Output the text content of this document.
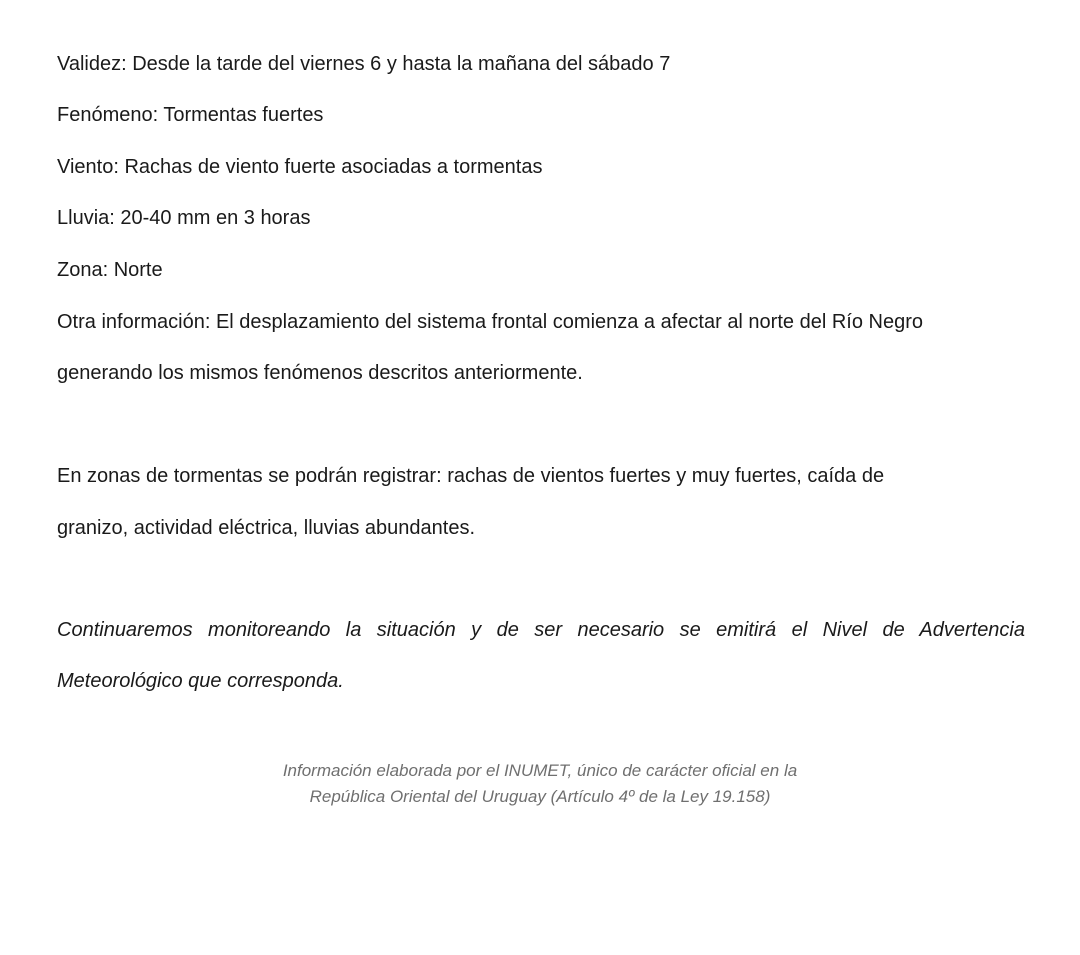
Validez: Desde la tarde del viernes 6 y hasta la mañana del sábado 7

Fenómeno: Tormentas fuertes

Viento: Rachas de viento fuerte asociadas a tormentas

Lluvia: 20-40 mm en 3 horas

Zona: Norte

Otra información: El desplazamiento del sistema frontal comienza a afectar al norte del Río Negro

generando los mismos fenómenos descritos anteriormente.

En zonas de tormentas se podrán registrar: rachas de vientos fuertes y muy fuertes, caída de

granizo, actividad eléctrica, lluvias abundantes.

Continuaremos monitoreando la situación y de ser necesario se emitirá el Nivel de Advertencia

Meteorológico que corresponda.

Información elaborada por el INUMET, único de carácter oficial en la

República Oriental del Uruguay (Artículo 4º de la Ley 19.158)
